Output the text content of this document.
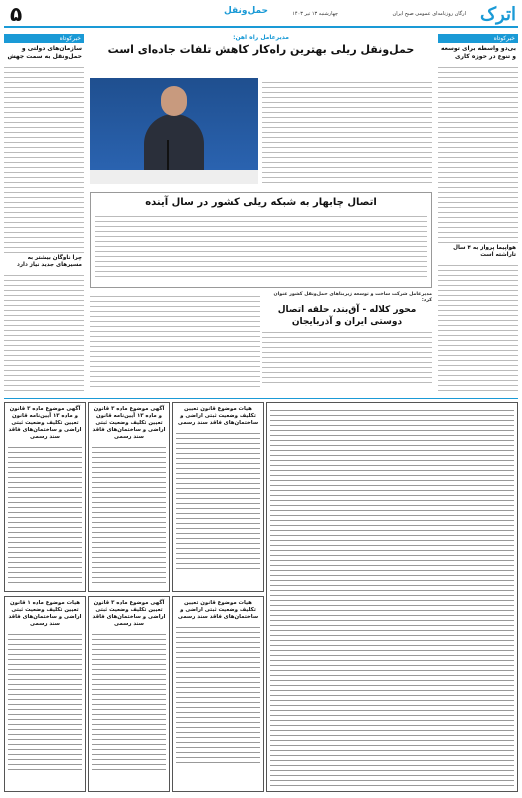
اترک
ارگان روزنامه‌ای عمومی صبح ایران
چهارشنبه ۱۳ تیر ۱۴۰۳
حمل‌ونقل
۵
خبرکوتاه
بی‌دو واسطه برای توسعه و تنوع در حوزه کاری
هواپیما پرواز به ۴ سال تاراشته است
خبرکوتاه
سازمان‌های دولتی و حمل‌ونقل به سمت جهش
چرا ناوگان بیشتر به مسیرهای جدید نیاز دارد
مدیرعامل راه آهن:
حمل‌ونقل ریلی بهترین راه‌کار کاهش تلفات جاده‌ای است
اتصال چابهار به شبکه ریلی کشور در سال آینده
مدیرعامل شرکت ساخت و توسعه زیربناهای حمل‌ونقل کشور عنوان کرد:
محور کلاله - آق‌بند، حلقه اتصال
دوستی ایران و آذربایجان
آگهی موضوع ماده ۳ قانون و ماده ۱۳ آیین‌نامه قانون تعیین تکلیف وضعیت ثبتی اراضی و ساختمان‌های فاقد سند رسمی
آگهی موضوع ماده ۳ قانون و ماده ۱۳ آیین‌نامه قانون تعیین تکلیف وضعیت ثبتی اراضی و ساختمان‌های فاقد سند رسمی
هیات موضوع قانون تعیین تکلیف وضعیت ثبتی اراضی و ساختمان‌های فاقد سند رسمی
هیات موضوع ماده ۱ قانون تعیین تکلیف وضعیت ثبتی اراضی و ساختمان‌های فاقد سند رسمی
آگهی موضوع ماده ۳ قانون تعیین تکلیف وضعیت ثبتی اراضی و ساختمان‌های فاقد سند رسمی
هیات موضوع قانون تعیین تکلیف وضعیت ثبتی اراضی و ساختمان‌های فاقد سند رسمی
